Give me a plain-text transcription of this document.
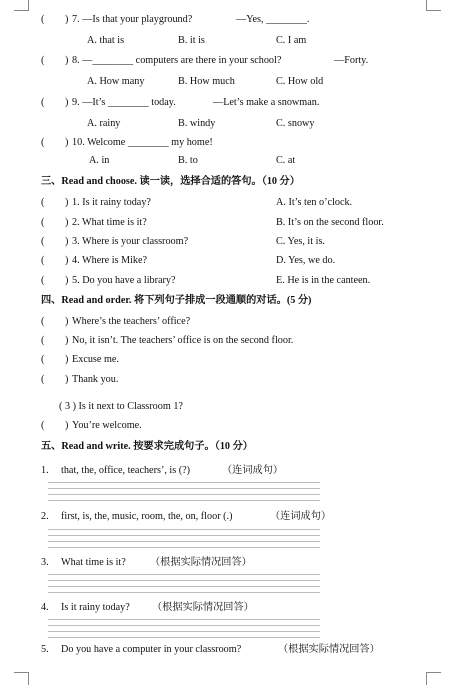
( ) 7. —Is that your playground?	—Yes, ________.
A. that is	B. it is	C. I am
( ) 8. —________ computers are there in your school?	—Forty.
A. How many	B. How much	C. How old
( ) 9. —It’s ________ today.	—Let’s make a snowman.
A. rainy	B. windy	C. snowy
( ) 10. Welcome ________ my home!
A. in	B. to	C. at
三、Read and choose. 读一读，选择合适的答句。（10 分）
( ) 1. Is it rainy today?	A. It’s ten o’clock.
( ) 2. What time is it?	B. It’s on the second floor.
( ) 3. Where is your classroom?	C. Yes, it is.
( ) 4. Where is Mike?	D. Yes, we do.
( ) 5. Do you have a library?	E. He is in the canteen.
四、Read and order. 将下列句子排成一段通顺的对话。(5 分)
( ) Where’s the teachers’ office?
( ) No, it isn’t. The teachers’ office is on the second floor.
( ) Excuse me.
( ) Thank you.
( 3 ) Is it next to Classroom 1?
( ) You’re welcome.
五、Read and write. 按要求完成句子。（10 分）
1. that, the, office, teachers’, is (?)	（连词成句）
2. first, is, the, music, room, the, on, floor (.)	（连词成句）
3. What time is it? （根据实际情况回答）
4. Is it rainy today? （根据实际情况回答）
5. Do you have a computer in your classroom?	（根据实际情况回答）
